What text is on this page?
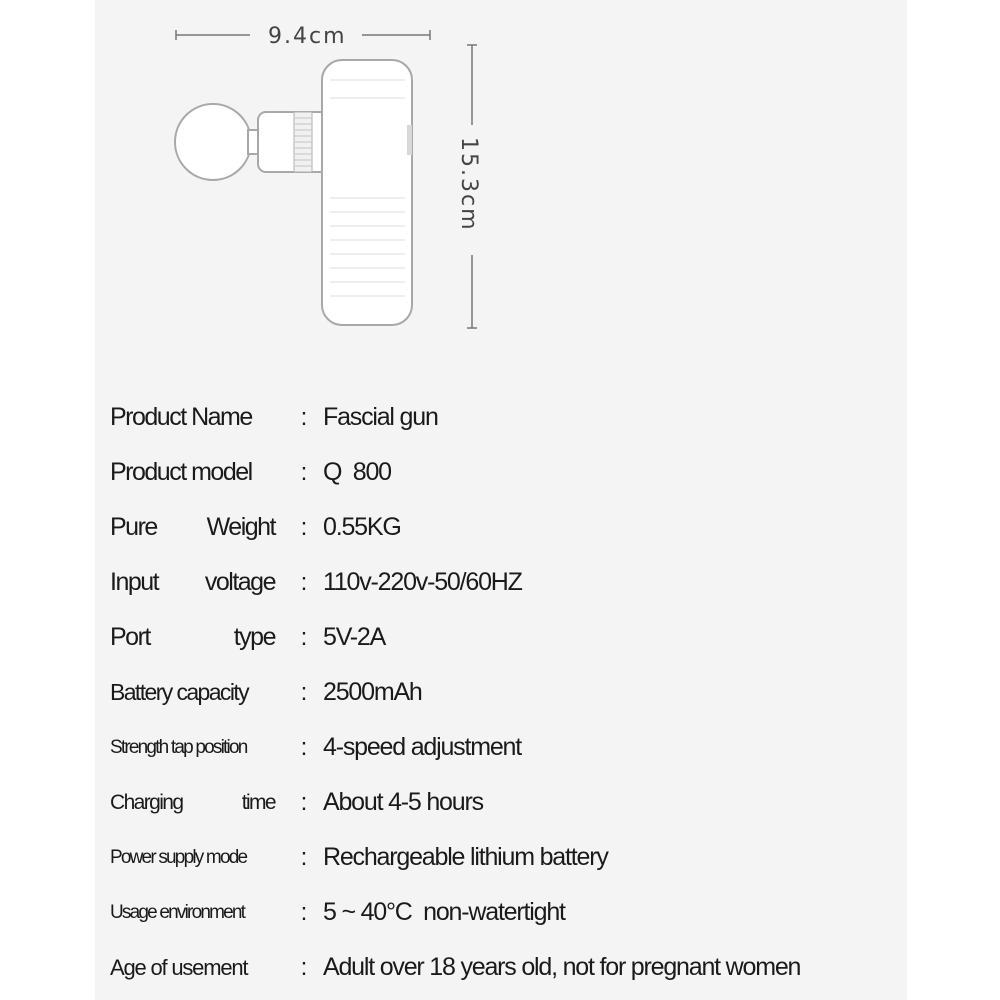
9.4cm
15.3cm
Product Name	: Fascial gun
Product model	: Q  800
Pure Weight	: 0.55KG
Input voltage	: 110v-220v-50/60HZ
Port	type	: 5V-2A
Battery capacity	: 2500mAh
Strength tap position	: 4-speed adjustment
Charging	time	: About 4-5 hours
Power supply mode	: Rechargeable lithium battery
Usage environment	: 5 ~ 40°C  non-watertight
Age of usement	: Adult over 18 years old, not for pregnant women
